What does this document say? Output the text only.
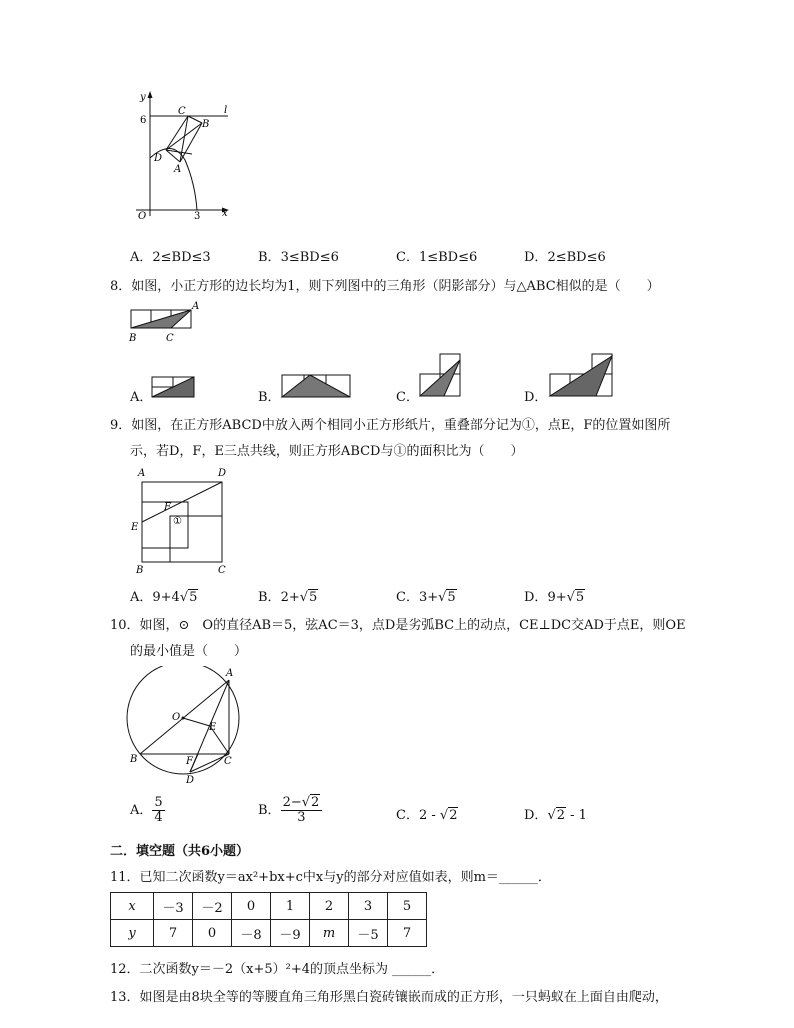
y
6
C	l
B
D
A
O	3 x
A．2≤BD≤3	B．3≤BD≤6	C．1≤BD≤6	D．2≤BD≤6
8．如图，小正方形的边长均为1，则下列图中的三角形（阴影部分）与△ABC相似的是（　　）
A
B	C
A．	B．	C．	D．
9．如图，在正方形ABCD中放入两个相同小正方形纸片，重叠部分记为①，点E，F的位置如图所
示，若D，F，E三点共线，则正方形ABCD与①的面积比为（　　）
A	D
F
①
E
B	C
A．9+4√5	B．2+√5	C．3+√5	D．9+√5
10．如图，⊙　O的直径AB＝5，弦AC＝3，点D是劣弧BC上的动点，CE⊥DC交AD于点E，则OE
的最小值是（　　）
A
O
E
B	F	C
D
A． $\frac{5}{4}$	B． $\frac{2-√2}{3}$	C．2 - √2	D．√2 - 1
二．填空题（共6小题）
11．已知二次函数y＝ax²+bx+c中x与y的部分对应值如表，则m＝______．
x	－3	－2	0	1	2	3	5
y	7	0	－8	－9	m	－5	7
12．二次函数y＝－2（x+5）²+4的顶点坐标为 ______．
13．如图是由8块全等的等腰直角三角形黑白瓷砖镶嵌而成的正方形，一只蚂蚁在上面自由爬动，
